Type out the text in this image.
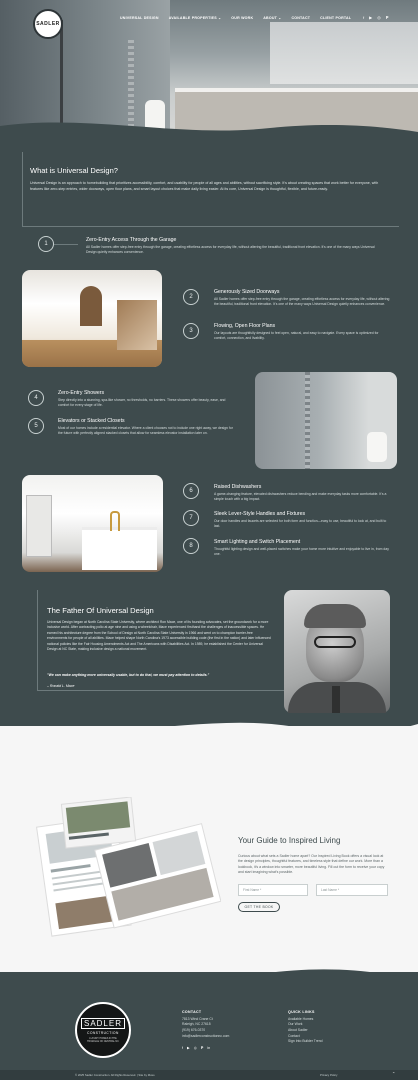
SADLER
UNIVERSAL DESIGN	AVAILABLE PROPERTIES ⌄	OUR WORK	ABOUT ⌄	CONTACT	CLIENT PORTAL	f ▶ ◎ 𝐏
What is Universal Design?
Universal Design is an approach to homebuilding that prioritizes accessibility, comfort, and usability for people of all ages and abilities, without sacrificing style. It's about creating spaces that work better for everyone, with features like zero-step entries, wider doorways, open floor plans, and smart layout choices that make daily living easier. At its core, Universal Design is thoughtful, flexible, and future-ready.
1
Zero-Entry Access Through the Garage
All Sadler homes offer step-free entry through the garage, creating effortless access for everyday life, without altering the beautiful, traditional front elevation. It's one of the many ways Universal Design quietly enhances convenience.
2
Generously Sized Doorways
All Sadler homes offer step-free entry through the garage, creating effortless access for everyday life, without altering the beautiful, traditional front elevation. It's one of the many ways Universal Design quietly enhances convenience.
3
Flowing, Open Floor Plans
Our layouts are thoughtfully designed to feel open, natural, and easy to navigate. Every space is optimized for comfort, connection, and livability.
4
Zero-Entry Showers
Step directly into a stunning, spa-like shower, no thresholds, no barriers. These showers offer beauty, ease, and comfort for every stage of life.
5
Elevators or Stacked Closets
Most of our homes include a residential elevator. Where a client chooses not to include one right away, we design for the future with perfectly aligned stacked closets that allow for seamless elevator installation later on.
6
Raised Dishwashers
A game-changing feature, elevated dishwashers reduce bending and make everyday tasks more comfortable. It's a simple touch with a big impact.
7
Sleek Lever-Style Handles and Fixtures
Our door handles and faucets are selected for both form and function—easy to use, beautiful to look at, and built to last.
8
Smart Lighting and Switch Placement
Thoughtful lighting design and well-placed switches make your home more intuitive and enjoyable to live in, from day one.
The Father Of Universal Design
Universal Design began at North Carolina State University, where architect Ron Mace, one of its founding advocates, set the groundwork for a more inclusive world. After contracting polio at age nine and using a wheelchair, Mace experienced firsthand the challenges of inaccessible spaces. He earned his architecture degree from the School of Design at North Carolina State University in 1966 and went on to champion barrier-free environments for people of all abilities. Mace helped shape North Carolina's 1973 accessible building code (the first in the nation) and later influenced national policies like the Fair Housing Amendments Act and The Americans with Disabilities Act. In 1989, he established the Center for Universal Design at NC State, making inclusive design a national movement.
"We can make anything more universally usable, but to do that, we must pay attention to details."
– Ronald L. Mace
Your Guide to Inspired Living
Curious about what sets a Sadler home apart? Our Inspired Living Book offers a visual look at the design principles, thoughtful features, and timeless style that define our work. More than a lookbook, it's a window into smarter, more beautiful living. Fill out the form to receive your copy and start imagining what's possible.
First Name *	Last Name *
GET THE BOOK
SADLER
CONSTRUCTION
LUXURY HOMES IN THE TRIANGLE OF CENTRAL NC
CONTACT
7813 Wind Crane Ct
Raleigh, NC 27615
(919) 676-0370
info@sadlerconstructionnc.com
f ▶ ◎ 𝐏 in
QUICK LINKS
Available Homes
Our Work
About Sadler
Contact
Sign Into Builder Trend
© 2025 Sadler Construction. All Rights Reserved. | Site by Moso	Privacy Policy	⌃
